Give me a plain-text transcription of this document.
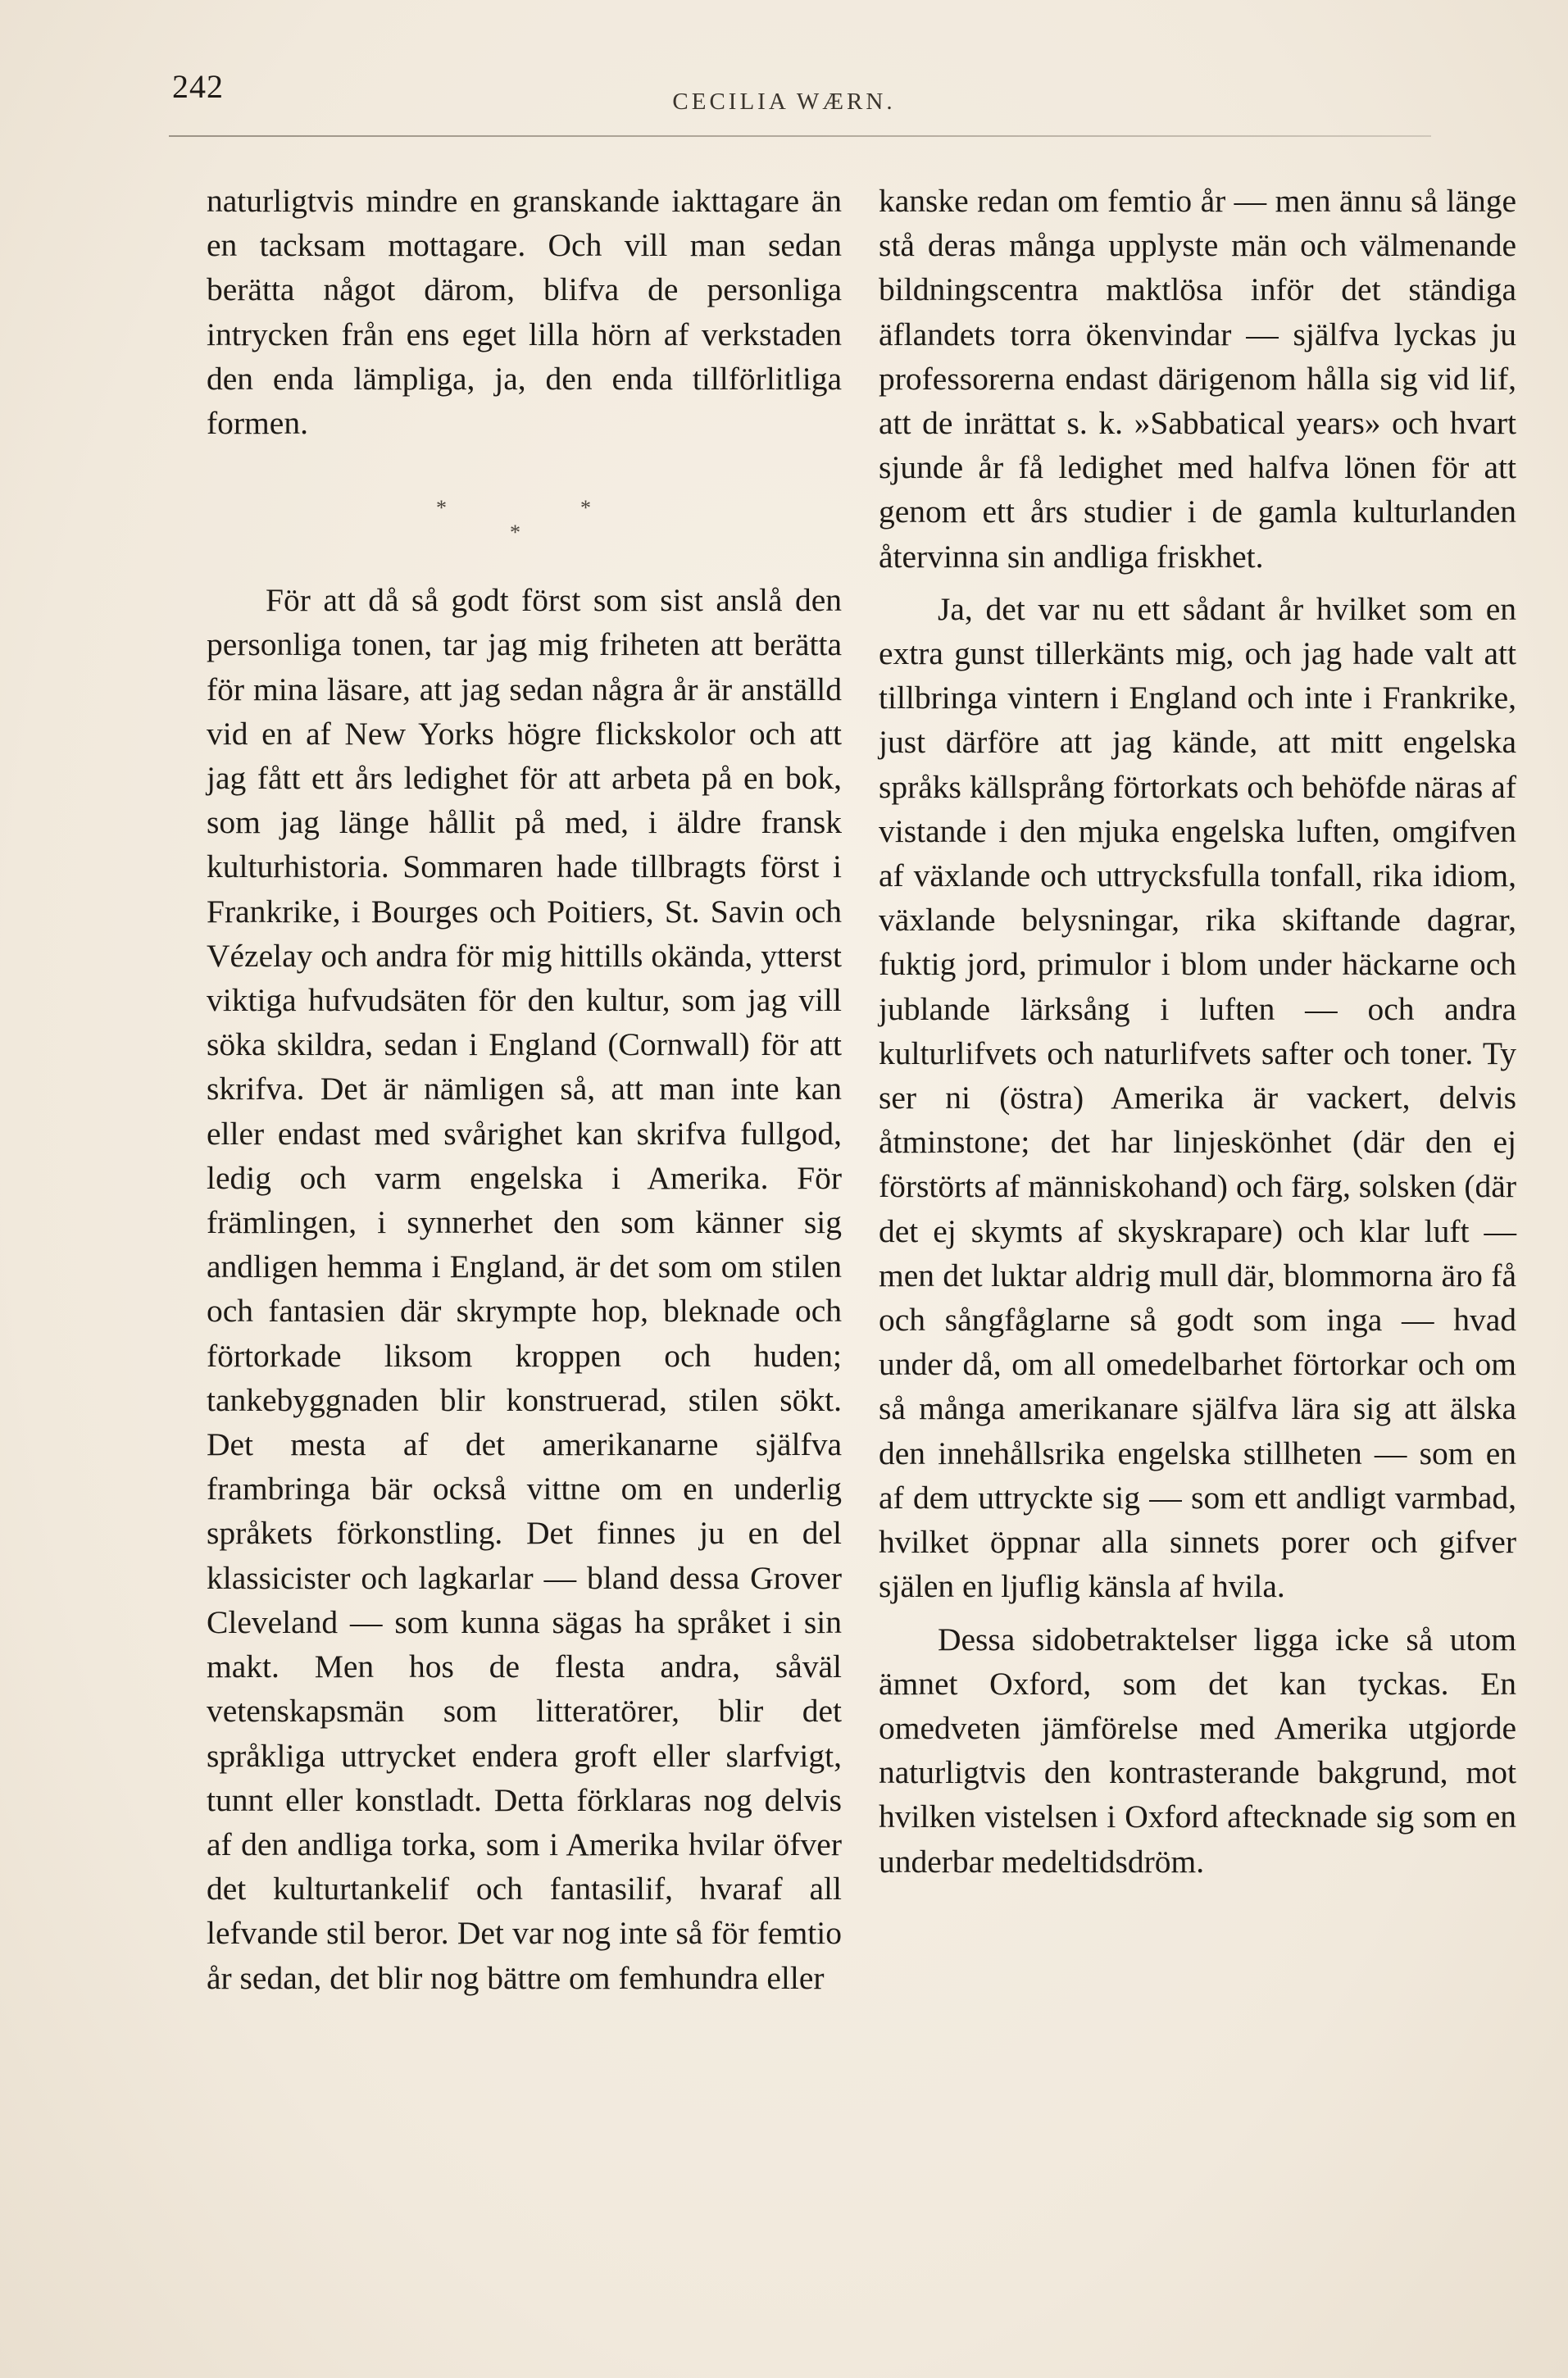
242	CECILIA WÆRN.

naturligtvis mindre en granskande iakttagare än en tacksam mottagare. Och vill man sedan berätta något därom, blifva de personliga intrycken från ens eget lilla hörn af verkstaden den enda lämpliga, ja, den enda tillförlitliga formen.

*
*
*

För att då så godt först som sist anslå den personliga tonen, tar jag mig friheten att berätta för mina läsare, att jag sedan några år är anställd vid en af New Yorks högre flickskolor och att jag fått ett års ledighet för att arbeta på en bok, som jag länge hållit på med, i äldre fransk kulturhistoria. Sommaren hade tillbragts först i Frankrike, i Bourges och Poitiers, St. Savin och Vézelay och andra för mig hittills okända, ytterst viktiga hufvudsäten för den kultur, som jag vill söka skildra, sedan i England (Cornwall) för att skrifva. Det är nämligen så, att man inte kan eller endast med svårighet kan skrifva fullgod, ledig och varm engelska i Amerika. För främlingen, i synnerhet den som känner sig andligen hemma i England, är det som om stilen och fantasien där skrympte hop, bleknade och förtorkade liksom kroppen och huden; tankebyggnaden blir konstruerad, stilen sökt. Det mesta af det amerikanarne själfva frambringa bär också vittne om en underlig språkets förkonstling. Det finnes ju en del klassicister och lagkarlar — bland dessa Grover Cleveland — som kunna sägas ha språket i sin makt. Men hos de flesta andra, såväl vetenskapsmän som litteratörer, blir det språkliga uttrycket endera groft eller slarfvigt, tunnt eller konstladt. Detta förklaras nog delvis af den andliga torka, som i Amerika hvilar öfver det kulturtankelif och fantasilif, hvaraf all lefvande stil beror. Det var nog inte så för femtio år sedan, det blir nog bättre om femhundra eller

kanske redan om femtio år — men ännu så länge stå deras många upplyste män och välmenande bildningscentra maktlösa inför det ständiga äflandets torra ökenvindar — själfva lyckas ju professorerna endast därigenom hålla sig vid lif, att de inrättat s. k. »Sabbatical years» och hvart sjunde år få ledighet med halfva lönen för att genom ett års studier i de gamla kulturlanden återvinna sin andliga friskhet.

Ja, det var nu ett sådant år hvilket som en extra gunst tillerkänts mig, och jag hade valt att tillbringa vintern i England och inte i Frankrike, just därföre att jag kände, att mitt engelska språks källsprång förtorkats och behöfde näras af vistande i den mjuka engelska luften, omgifven af växlande och uttrycksfulla tonfall, rika idiom, växlande belysningar, rika skiftande dagrar, fuktig jord, primulor i blom under häckarne och jublande lärksång i luften — och andra kulturlifvets och naturlifvets safter och toner. Ty ser ni (östra) Amerika är vackert, delvis åtminstone; det har linjeskönhet (där den ej förstörts af människohand) och färg, solsken (där det ej skymts af skyskrapare) och klar luft — men det luktar aldrig mull där, blommorna äro få och sångfåglarne så godt som inga — hvad under då, om all omedelbarhet förtorkar och om så många amerikanare själfva lära sig att älska den innehållsrika engelska stillheten — som en af dem uttryckte sig — som ett andligt varmbad, hvilket öppnar alla sinnets porer och gifver själen en ljuflig känsla af hvila.

Dessa sidobetraktelser ligga icke så utom ämnet Oxford, som det kan tyckas. En omedveten jämförelse med Amerika utgjorde naturligtvis den kontrasterande bakgrund, mot hvilken vistelsen i Oxford aftecknade sig som en underbar medeltidsdröm.
